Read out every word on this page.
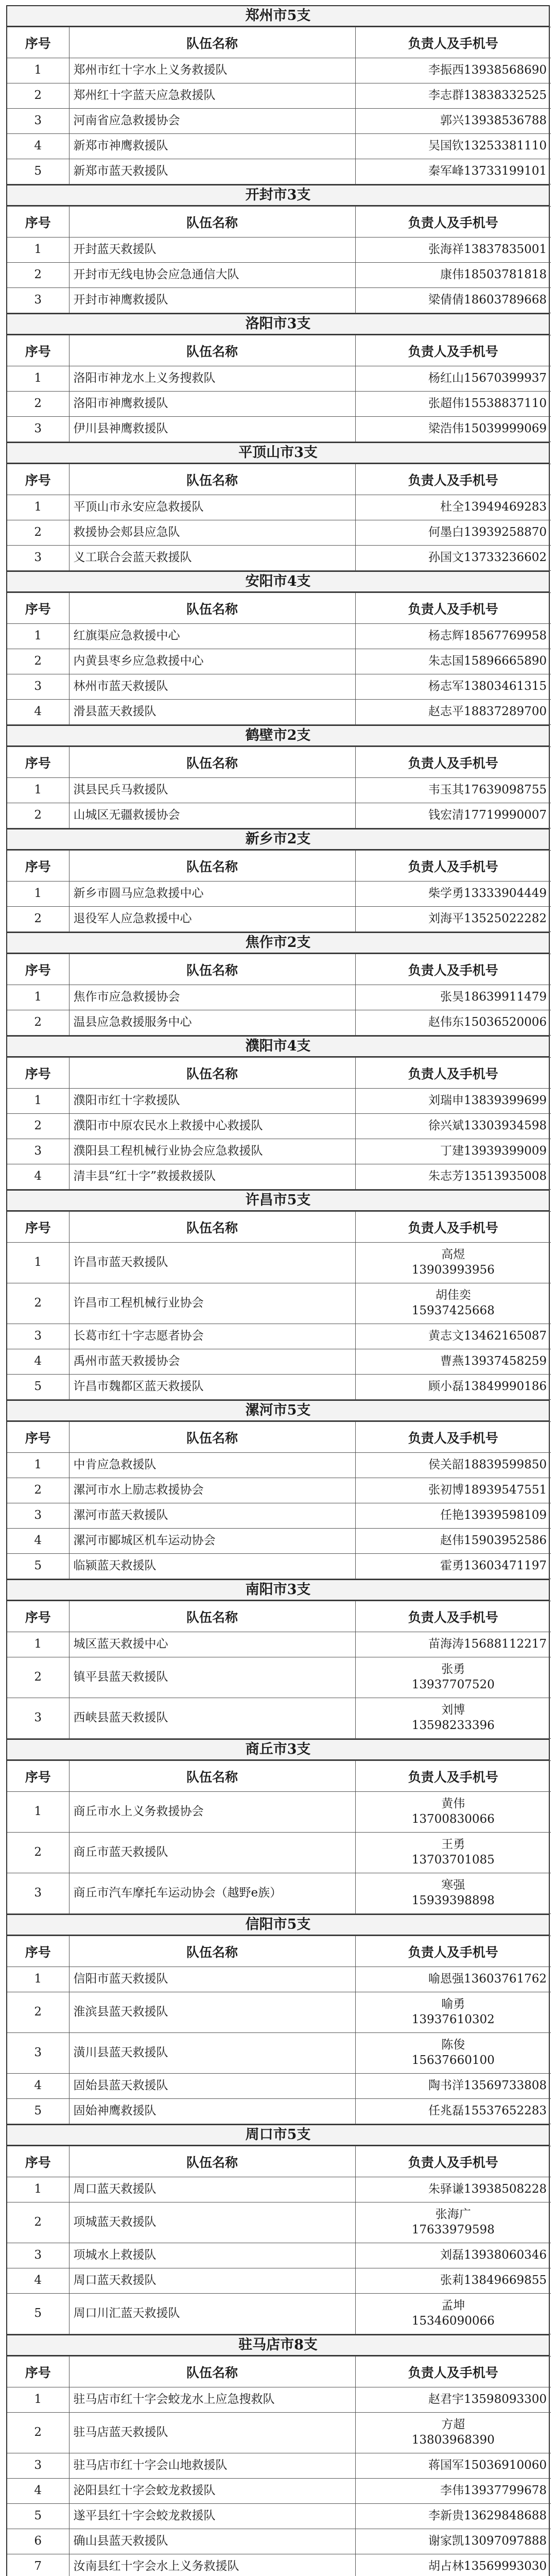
郑州市5支
序号	队伍名称	负责人及手机号
1	郑州市红十字水上义务救援队	李振西13938568690
2	郑州红十字蓝天应急救援队	李志群13838332525
3	河南省应急救援协会	郭兴13938536788
4	新郑市神鹰救援队	吴国钦13253381110
5	新郑市蓝天救援队	秦军峰13733199101
开封市3支
序号	队伍名称	负责人及手机号
1	开封蓝天救援队	张海祥13837835001
2	开封市无线电协会应急通信大队	康伟18503781818
3	开封市神鹰救援队	梁倩倩18603789668
洛阳市3支
序号	队伍名称	负责人及手机号
1	洛阳市神龙水上义务搜救队	杨红山15670399937
2	洛阳市神鹰救援队	张超伟15538837110
3	伊川县神鹰救援队	梁浩伟15039999069
平顶山市3支
序号	队伍名称	负责人及手机号
1	平顶山市永安应急救援队	杜全13949469283
2	救援协会郏县应急队	何墨白13939258870
3	义工联合会蓝天救援队	孙国文13733236602
安阳市4支
序号	队伍名称	负责人及手机号
1	红旗渠应急救援中心	杨志辉18567769958
2	内黄县枣乡应急救援中心	朱志国15896665890
3	林州市蓝天救援队	杨志军13803461315
4	滑县蓝天救援队	赵志平18837289700
鹤壁市2支
序号	队伍名称	负责人及手机号
1	淇县民兵马救援队	韦玉其17639098755
2	山城区无疆救援协会	钱宏清17719990007
新乡市2支
序号	队伍名称	负责人及手机号
1	新乡市圆马应急救援中心	柴学勇13333904449
2	退役军人应急救援中心	刘海平13525022282
焦作市2支
序号	队伍名称	负责人及手机号
1	焦作市应急救援协会	张昊18639911479
2	温县应急救援服务中心	赵伟东15036520006
濮阳市4支
序号	队伍名称	负责人及手机号
1	濮阳市红十字救援队	刘瑞申13839399699
2	濮阳市中原农民水上救援中心救援队	徐兴斌13303934598
3	濮阳县工程机械行业协会应急救援队	丁建13939399009
4	清丰县“红十字”救援救援队	朱志芳13513935008
许昌市5支
序号	队伍名称	负责人及手机号
1	许昌市蓝天救援队	高煜
13903993956

2	许昌市工程机械行业协会	胡佳奕
15937425668

3	长葛市红十字志愿者协会	黄志文13462165087
4	禹州市蓝天救援协会	曹燕13937458259
5	许昌市魏都区蓝天救援队	顾小磊13849990186
漯河市5支
序号	队伍名称	负责人及手机号
1	中肯应急救援队	侯关韶18839599850
2	漯河市水上励志救援协会	张初博18939547551
3	漯河市蓝天救援队	任艳13939598109
4	漯河市郾城区机车运动协会	赵伟15903952586
5	临颍蓝天救援队	霍勇13603471197
南阳市3支
序号	队伍名称	负责人及手机号
1	城区蓝天救援中心	苗海涛15688112217
2	镇平县蓝天救援队	张勇
13937707520

3	西峡县蓝天救援队	刘博
13598233396
商丘市3支
序号	队伍名称	负责人及手机号
1	商丘市水上义务救援协会	黄伟
13700830066

2	商丘市蓝天救援队	王勇
13703701085

3	商丘市汽车摩托车运动协会（越野e族）	寒强
15939398898
信阳市5支
序号	队伍名称	负责人及手机号
1	信阳市蓝天救援队	喻恩强13603761762
2	淮滨县蓝天救援队	喻勇
13937610302

3	潢川县蓝天救援队	陈俊
15637660100

4	固始县蓝天救援队	陶书洋13569733808
5	固始神鹰救援队	任兆磊15537652283
周口市5支
序号	队伍名称	负责人及手机号
1	周口蓝天救援队	朱驿谦13938508228
2	项城蓝天救援队	张海广
17633979598

3	项城水上救援队	刘磊13938060346
4	周口蓝天救援队	张莉13849669855
5	周口川汇蓝天救援队	孟坤
15346090066
驻马店市8支
序号	队伍名称	负责人及手机号
1	驻马店市红十字会蛟龙水上应急搜救队	赵君宇13598093300
2	驻马店蓝天救援队	方超
13803968390

3	驻马店市红十字会山地救援队	蒋国军15036910060
4	泌阳县红十字会蛟龙救援队	李伟13937799678
5	遂平县红十字会蛟龙救援队	李新贵13629848688
6	确山县蓝天救援队	谢家凯13097097888
7	汝南县红十字会水上义务救援队	胡占林13569993030
